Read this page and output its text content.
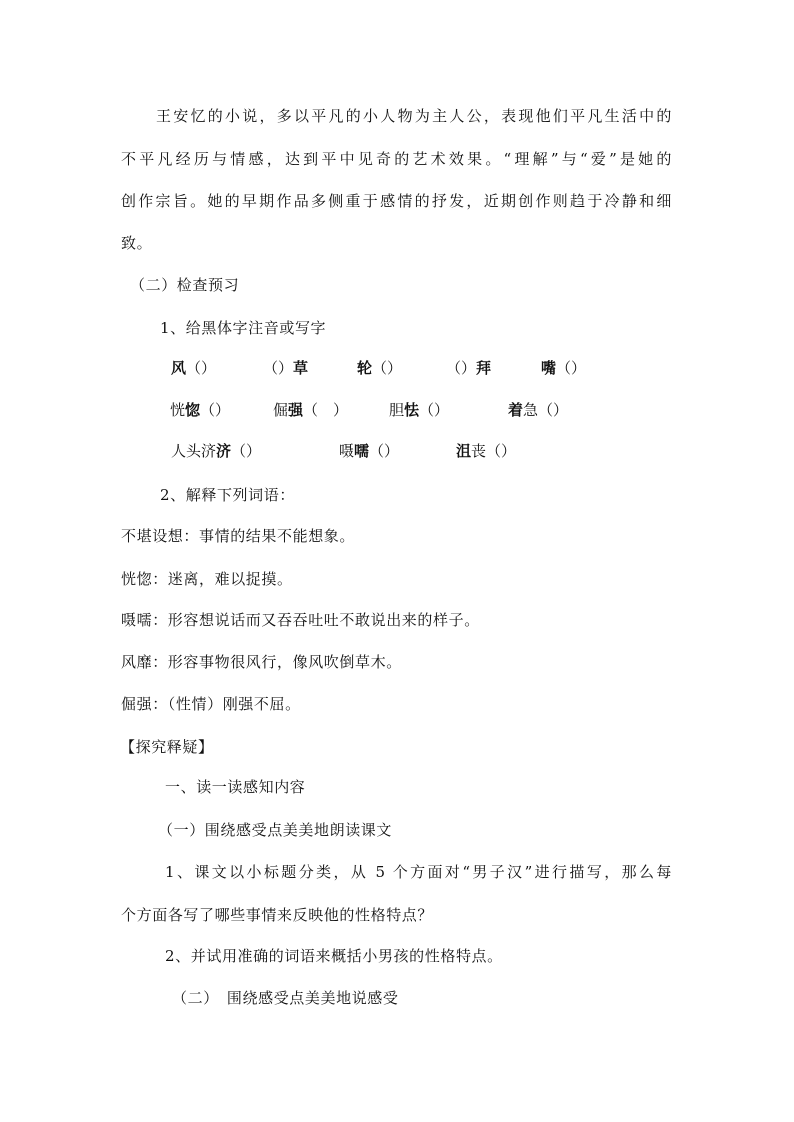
王安忆的小说，多以平凡的小人物为主人公，表现他们平凡生活中的
不平凡经历与情感，达到平中见奇的艺术效果。“理解”与“爱”是她的
创作宗旨。她的早期作品多侧重于感情的抒发，近期创作则趋于冷静和细
致。
（二）检查预习
1、给黑体字注音或写字
风（）	（）草	轮（）	（）拜	嘴（）
恍惚（）	倔强（　）	胆怯（）	着急（）
人头济济（）	嗫嚅（）	沮丧（）
2、解释下列词语：
不堪设想：事情的结果不能想象。
恍惚：迷离，难以捉摸。
嗫嚅：形容想说话而又吞吞吐吐不敢说出来的样子。
风靡：形容事物很风行，像风吹倒草木。
倔强：（性情）刚强不屈。
【探究释疑】
一、读一读感知内容
（一）围绕感受点美美地朗读课文
1、课文以小标题分类，从 5 个方面对“男子汉”进行描写，那么每
个方面各写了哪些事情来反映他的性格特点？
2、并试用准确的词语来概括小男孩的性格特点。
（二）　围绕感受点美美地说感受
